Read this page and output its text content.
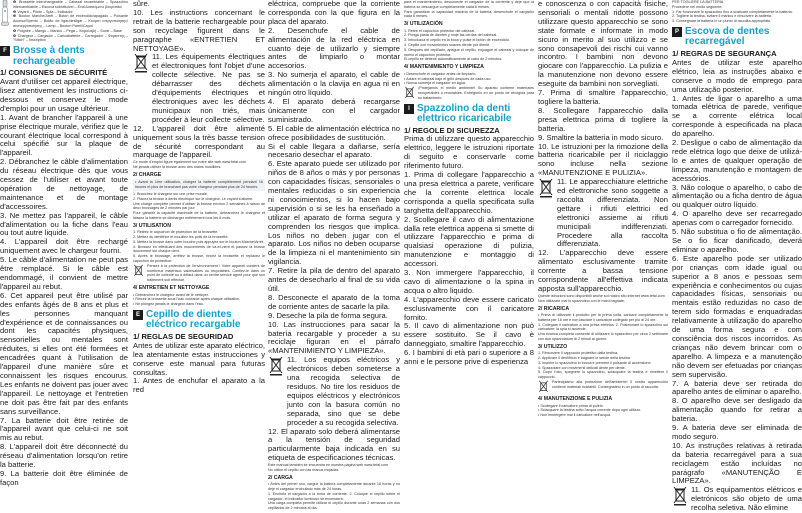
❶ Brossette interchangeable – Cabezal recambiable – Spazzolino intercambiabile – Escova substituível – Εναλλασσόμενο βουρτσάκι

❷ Voyant – Piloto – Spia – Indicador

❸ Bouton Marche/Arrêt – Botón de encendido/apagado – Pulsante Acceso/Spento – Botão de ligar/desligar – Κουμπί ενεργοποίησης/απενεργοποίησης – Lamp – Bouton Pareil/Capot

❹ Poignée – Mango – Manico – Pega – Χειρολαβή – Socle – Base

❺ Chargeur – Cargador – Caricabatterie – Carregador – Φορτιστής – "Stitch" – Inscription

F Brosse à dents rechargeable

1/ CONSIGNES DE SÉCURITÉ

Avant d'utiliser cet appareil électrique, lisez attentivement les instructions ci-dessous et conservez le mode d'emploi pour un usage ultérieur.

1. Avant de brancher l'appareil à une prise électrique murale, vérifiez que le courant électrique local correspond à celui spécifié sur la plaque de l'appareil.

2. Débranchez le câble d'alimentation du réseau électrique dès que vous cessez de l'utiliser et avant toute opération de nettoyage, de maintenance et de montage d'accessoires.

3. Ne mettez pas l'appareil, le câble d'alimentation ou la fiche dans l'eau ou tout autre liquide.

4. L'appareil doit être rechargé uniquement avec le chargeur fourni.

5. Le câble d'alimentation ne peut pas être remplacé. Si le câble est endommagé, il convient de mettre l'appareil au rebut.

6. Cet appareil peut être utilisé par des enfants âgés de 8 ans et plus et les personnes manquant d'expérience et de connaissances ou dont les capacités physiques, sensorielles ou mentales sont réduites, si elles ont été formées et encadrées quant à l'utilisation de l'appareil d'une manière sûre et connaissent les risques encourus. Les enfants ne doivent pas jouer avec l'appareil. Le nettoyage et l'entretien ne doit pas être fait par des enfants sans surveillance.

7. La batterie doit être retirée de l'appareil avant que celui-ci ne soit mis au rebut.

8. L'appareil doit être déconnecté du réseau d'alimentation lorsqu'on retire la batterie.

9. La batterie doit être éliminée de façon

sûre.

10. Les instructions concernant le retrait de la batterie rechargeable pour son recyclage figurent dans le paragraphe «ENTRETIEN ET NETTOYAGE».

11. Les équipements électriques et électroniques font l'objet d'une collecte sélective. Ne pas se débarrasser des déchets d'équipements électriques et électroniques avec les déchets municipaux non triés, mais procéder à leur collecte sélective.

12. L'appareil doit être alimenté uniquement sous la très basse tension de sécurité correspondant au marquage de l'appareil.

Ce mode d'emploi figure également sur notre site web www.tefal.com

Ne jamais utiliser la brosse avec des mains mouillées.

2/ CHARGE

• Avant la 1ère utilisation, chargez la batterie complètement pendant 16 heures et plus de branchant pas votre chargeur pendant plus de 24 heures.

1. Branchez le chargeur sur une prise murale.

2. Placez la brosse à dents électrique sur le chargeur. Le voyant s'allume.

Une charge complète permet d'utiliser la brosse environ 2 semaines à raison de deux brossages de 2 minutes par jour.

Pour garantir la capacité maximale de la batterie, débranchez le chargeur et laissez la batterie se décharger entièrement tous les 6 mois.

3/ UTILISATION

1. Retirez le capuchon de protection de la brossette.

2. Mettez du dentifrice et mouillez les poils de la brossette.

3. Mettez la brosse dans votre bouche puis appuyez sur le bouton Marche/Arrêt.

4. Brossez en effectuant des mouvements de va-et-vient et passez la brosse doucement sur chaque dent.

5. Après le brossage, arrêtez la brosse, rincez la brossette et replacez le capuchon de protection.

Pensez à la protection de l'environnement ! Votre appareil contient de nombreux matériaux valorisables ou recyclables. Confiez-le dans un point de collecte ou à défaut dans un centre service agréé pour que son traitement soit effectué.

4/ ENTRETIEN ET NETTOYAGE

• Débranchez le chargeur avant de le nettoyer.

• Rincez la brossette sous l'eau courante après chaque utilisation.

• Ne plongez jamais le chargeur dans l'eau.

E Cepillo de dientes eléctrico recargable

1/ REGLAS DE SEGURIDAD

Antes de utilizar este aparato eléctrico, lea atentamente estas instrucciones y conserve este manual para futuras consultas.

1. Antes de enchufar el aparato a la red

eléctrica, compruebe que la corriente corresponda con la que figura en la placa del aparato.

2. Desenchufe el cable de alimentación de la red eléctrica en cuanto deje de utilizarlo y siempre antes de limpiarlo o montar accesorios.

3. No sumerja el aparato, el cable de alimentación o la clavija en agua ni en ningún otro líquido.

4. El aparato deberá recargarse únicamente con el cargador suministrado.

5. El cable de alimentación eléctrica no ofrece posibilidades de sustitución.

Si el cable llegara a dañarse, sería necesario desechar el aparato.

6. Este aparato puede ser utilizado por niños de 8 años o más y por personas con capacidades físicas, sensoriales o mentales reducidas o sin experiencia ni conocimientos, si lo hacen bajo supervisión o si se les ha enseñado a utilizar el aparato de forma segura y comprenden los riesgos que implica. Los niños no deben jugar con el aparato. Los niños no deben ocuparse de la limpieza ni el mantenimiento sin vigilancia.

7. Retire la pila de dentro del aparato antes de desecharlo al final de su vida útil.

8. Desconecte el aparato de la toma de corriente antes de sacarle la pila.

9. Deseche la pila de forma segura.

10. Las instrucciones para sacar la batería recargable y proceder a su reciclaje figuran en el párrafo «MANTENIMIENTO Y LIMPIEZA».

11. Los equipos eléctricos y electrónicos deben someterse a una recogida selectiva de residuos. No tire los residuos de equipos eléctricos y electrónicos junto con la basura común no separada, sino que se debe proceder a su recogida selectiva.

12. El aparato solo deberá alimentarse a la tensión de seguridad particularmente baja indicada en su etiqueta de especificaciones técnicas.

Este manual también se encuentra en nuestra página web www.tefal.com

No utilice el cepillo con las manos mojadas.

2/ CARGA

• Antes del primer uso, cargue la batería completamente durante 16 horas y no deje el cargador enchufado más de 24 horas.

1. Enchufe el cargador a la toma de corriente. 2. Coloque el cepillo sobre el cargador; el indicador luminoso se encenderá.

Una carga completa permite utilizar el cepillo durante unas 2 semanas con dos cepillados de 2 minutos al día.

para el mantenimiento, desconecte el cargador de la corriente y deje que la batería se descargue completamente cada 6 meses.

Para garantizar la capacidad máxima de la batería, desenchufe el cargador cada 6 meses.

3/ UTILIZACIÓN

1. Retire el capuchón protector del cabezal.

2. Ponga pasta de dientes y moje las cerdas del cabezal.

3. Introduzca el cepillo en la boca y pulse el botón de encendido.

4. Cepille con movimientos suaves diente por diente.

5. Después del cepillado, apague el cepillo, enjuague el cabezal y coloque de nuevo el capuchón protector.

El cepillo se detiene automáticamente al cabo de 2 minutos.

4/ MANTENIMIENTO Y LIMPIEZA

• Desenchufe el cargador antes de limpiarlo.

• Aclare el cabezal bajo el grifo después de cada uso.

• Nunca sumerja el cargador en agua.

¡Protejamos el medio ambiente! Su aparato contiene materiales recuperables o reciclables. Entréguelo en un punto de recogida para su tratamiento.

I Spazzolino da denti elettrico ricaricabile

1/ REGOLE DI SICUREZZA

Prima di utilizzare questo apparecchio elettrico, leggere le istruzioni riportate di seguito e conservarle come riferimento futuro.

1. Prima di collegare l'apparecchio a una presa elettrica a parete, verificare che la corrente elettrica locale corrisponda a quella specificata sulla targhetta dell'apparecchio.

2. Scollegare il cavo di alimentazione dalla rete elettrica appena si smette di utilizzare l'apparecchio e prima di qualsiasi operazione di pulizia, manutenzione e montaggio di accessori.

3. Non immergere l'apparecchio, il cavo di alimentazione o la spina in acqua o altro liquido.

4. L'apparecchio deve essere caricato esclusivamente con il caricatore fornito.

5. Il cavo di alimentazione non può essere sostituito. Se il cavo è danneggiato, smaltire l'apparecchio.

6. I bambini di età pari o superiore a 8 anni e le persone prive di esperienza

e conoscenza o con capacità fisiche, sensoriali o mentali ridotte possono utilizzare questo apparecchio se sono state formate e informate in modo sicuro in merito al suo utilizzo e se sono consapevoli dei rischi cui vanno incontro. I bambini non devono giocare con l'apparecchio. La pulizia e la manutenzione non devono essere eseguite da bambini non sorvegliati.

7. Prima di smaltire l'apparecchio, togliere la batteria.

8. Scollegare l'apparecchio dalla presa elettrica prima di togliere la batteria.

9. Smaltire la batteria in modo sicuro.

10. Le istruzioni per la rimozione della batteria ricaricabile per il riciclaggio sono incluse nella sezione «MANUTENZIONE E PULIZIA».

11. Le apparecchiature elettriche ed elettroniche sono soggette a raccolta differenziata. Non gettare i rifiuti elettrici ed elettronici assieme ai rifiuti municipali indifferenziati. Procedere alla raccolta differenziata.

12. L'apparecchio deve essere alimentato esclusivamente tramite corrente a bassa tensione corrispondente all'effettiva indicata apposta sull'apparecchio.

Queste istruzioni sono disponibili anche sul nostro sito internet www.tefal.com

Non utilizzare mai lo spazzolino con le mani bagnate.

2/ RICARICA

• Prima di utilizzare il prodotto per la prima volta, caricare completamente la batteria per 16 ore e non lasciare il caricatore collegato per più di 24 ore.

1. Collegare il caricatore a una presa elettrica. 2. Posizionare lo spazzolino sul caricatore; la spia si accende.

Una ricarica completa consente di utilizzare lo spazzolino per circa 2 settimane con due spazzolature di 2 minuti al giorno.

3/ UTILIZZO

1. Rimuovere il cappuccio protettivo dalla testina.

2. Applicare il dentifricio e bagnare le setole della testina.

3. Inserire lo spazzolino in bocca e premere il pulsante di accensione.

4. Spazzolare con movimenti delicati dente per dente.

5. Dopo l'uso, spegnere lo spazzolino, sciacquare la testina e rimettere il cappuccio.

Partecipiamo alla protezione dell'ambiente! Il vostro apparecchio contiene materiali riciclabili. Consegnatelo in un punto di raccolta.

4/ MANUTENZIONE E PULIZIA

• Scollegare il caricatore prima di pulirlo.

• Sciacquare la testina sotto l'acqua corrente dopo ogni utilizzo.

• Non immergere mai il caricatore nell'acqua.

PER TOGLIERE LA BATTERIA

Procedere nel modo seguente:

1. Far funzionare lo spazzolino fino a scaricare completamente la batteria.

2. Togliere la testina, svitare il manico e rimuovere la batteria.

3. Consegnare la batteria in un punto di raccolta appropriato.

P Escova de dentes recarregável

1/ REGRAS DE SEGURANÇA

Antes de utilizar este aparelho elétrico, leia as instruções abaixo e conserve o modo de emprego para uma utilização posterior.

1. Antes de ligar o aparelho a uma tomada elétrica de parede, verifique se a corrente elétrica local corresponde à especificada na placa do aparelho.

2. Desligue o cabo de alimentação da rede elétrica logo que deixe de utilizá-lo e antes de qualquer operação de limpeza, manutenção e montagem de acessórios.

3. Não coloque o aparelho, o cabo de alimentação ou a ficha dentro de água ou qualquer outro líquido.

4. O aparelho deve ser recarregado apenas com o carregador fornecido.

5. Não substitua o fio de alimentação. Se o fio ficar danificado, deverá eliminar o aparelho.

6. Este aparelho pode ser utilizado por crianças com idade igual ou superior a 8 anos e pessoas sem experiência e conhecimentos ou cujas capacidades físicas, sensoriais ou mentais estão reduzidas no caso de terem sido formadas e enquadradas relativamente à utilização do aparelho de uma forma segura e com consciência dos riscos incorridos. As crianças não devem brincar com o aparelho. A limpeza e a manutenção não devem ser efetuadas por crianças sem supervisão.

7. A bateria deve ser retirada do aparelho antes de eliminar o aparelho.

8. O aparelho deve ser desligado da alimentação quando for retirar a bateria.

9. A bateria deve ser eliminada de modo seguro.

10. As instruções relativas à retirada da bateria recarregável para a sua reciclagem estão incluídas no parágrafo «MANUTENÇÃO E LIMPEZA».

11. Os equipamentos elétricos e eletrónicos são objeto de uma recolha seletiva. Não elimine
